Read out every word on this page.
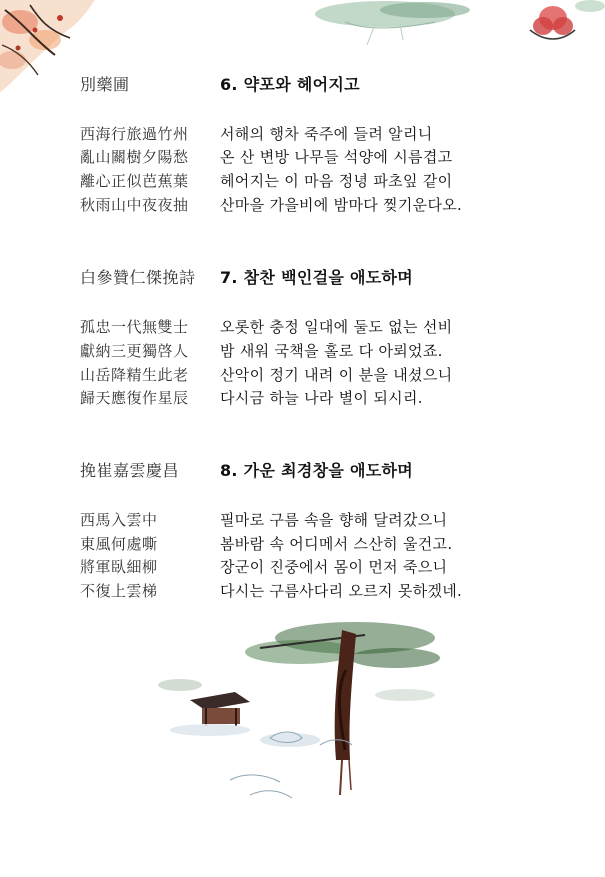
別藥圃	6. 약포와 헤어지고
西海行旅過竹州 서해의 행차 죽주에 들려 알리니
亂山關樹夕陽愁 온 산 변방 나무들 석양에 시름겹고
離心正似芭蕉葉 헤어지는 이 마음 정녕 파초잎 같이
秋雨山中夜夜抽 산마을 가을비에 밤마다 찢기운다오.
白參贊仁傑挽詩 7. 참찬 백인걸을 애도하며
孤忠一代無雙士 오롯한 충정 일대에 둘도 없는 선비
獻納三更獨啓人 밤 새워 국책을 홀로 다 아뢰었죠.
山岳降精生此老 산악이 정기 내려 이 분을 내셨으니
歸天應復作星辰 다시금 하늘 나라 별이 되시리.
挽崔嘉雲慶昌	8. 가운 최경창을 애도하며
西馬入雲中	필마로 구름 속을 향해 달려갔으니
東風何處嘶	봄바람 속 어디메서 스산히 울건고.
將軍臥細柳	장군이 진중에서 몸이 먼저 죽으니
不復上雲梯	다시는 구름사다리 오르지 못하겠네.
